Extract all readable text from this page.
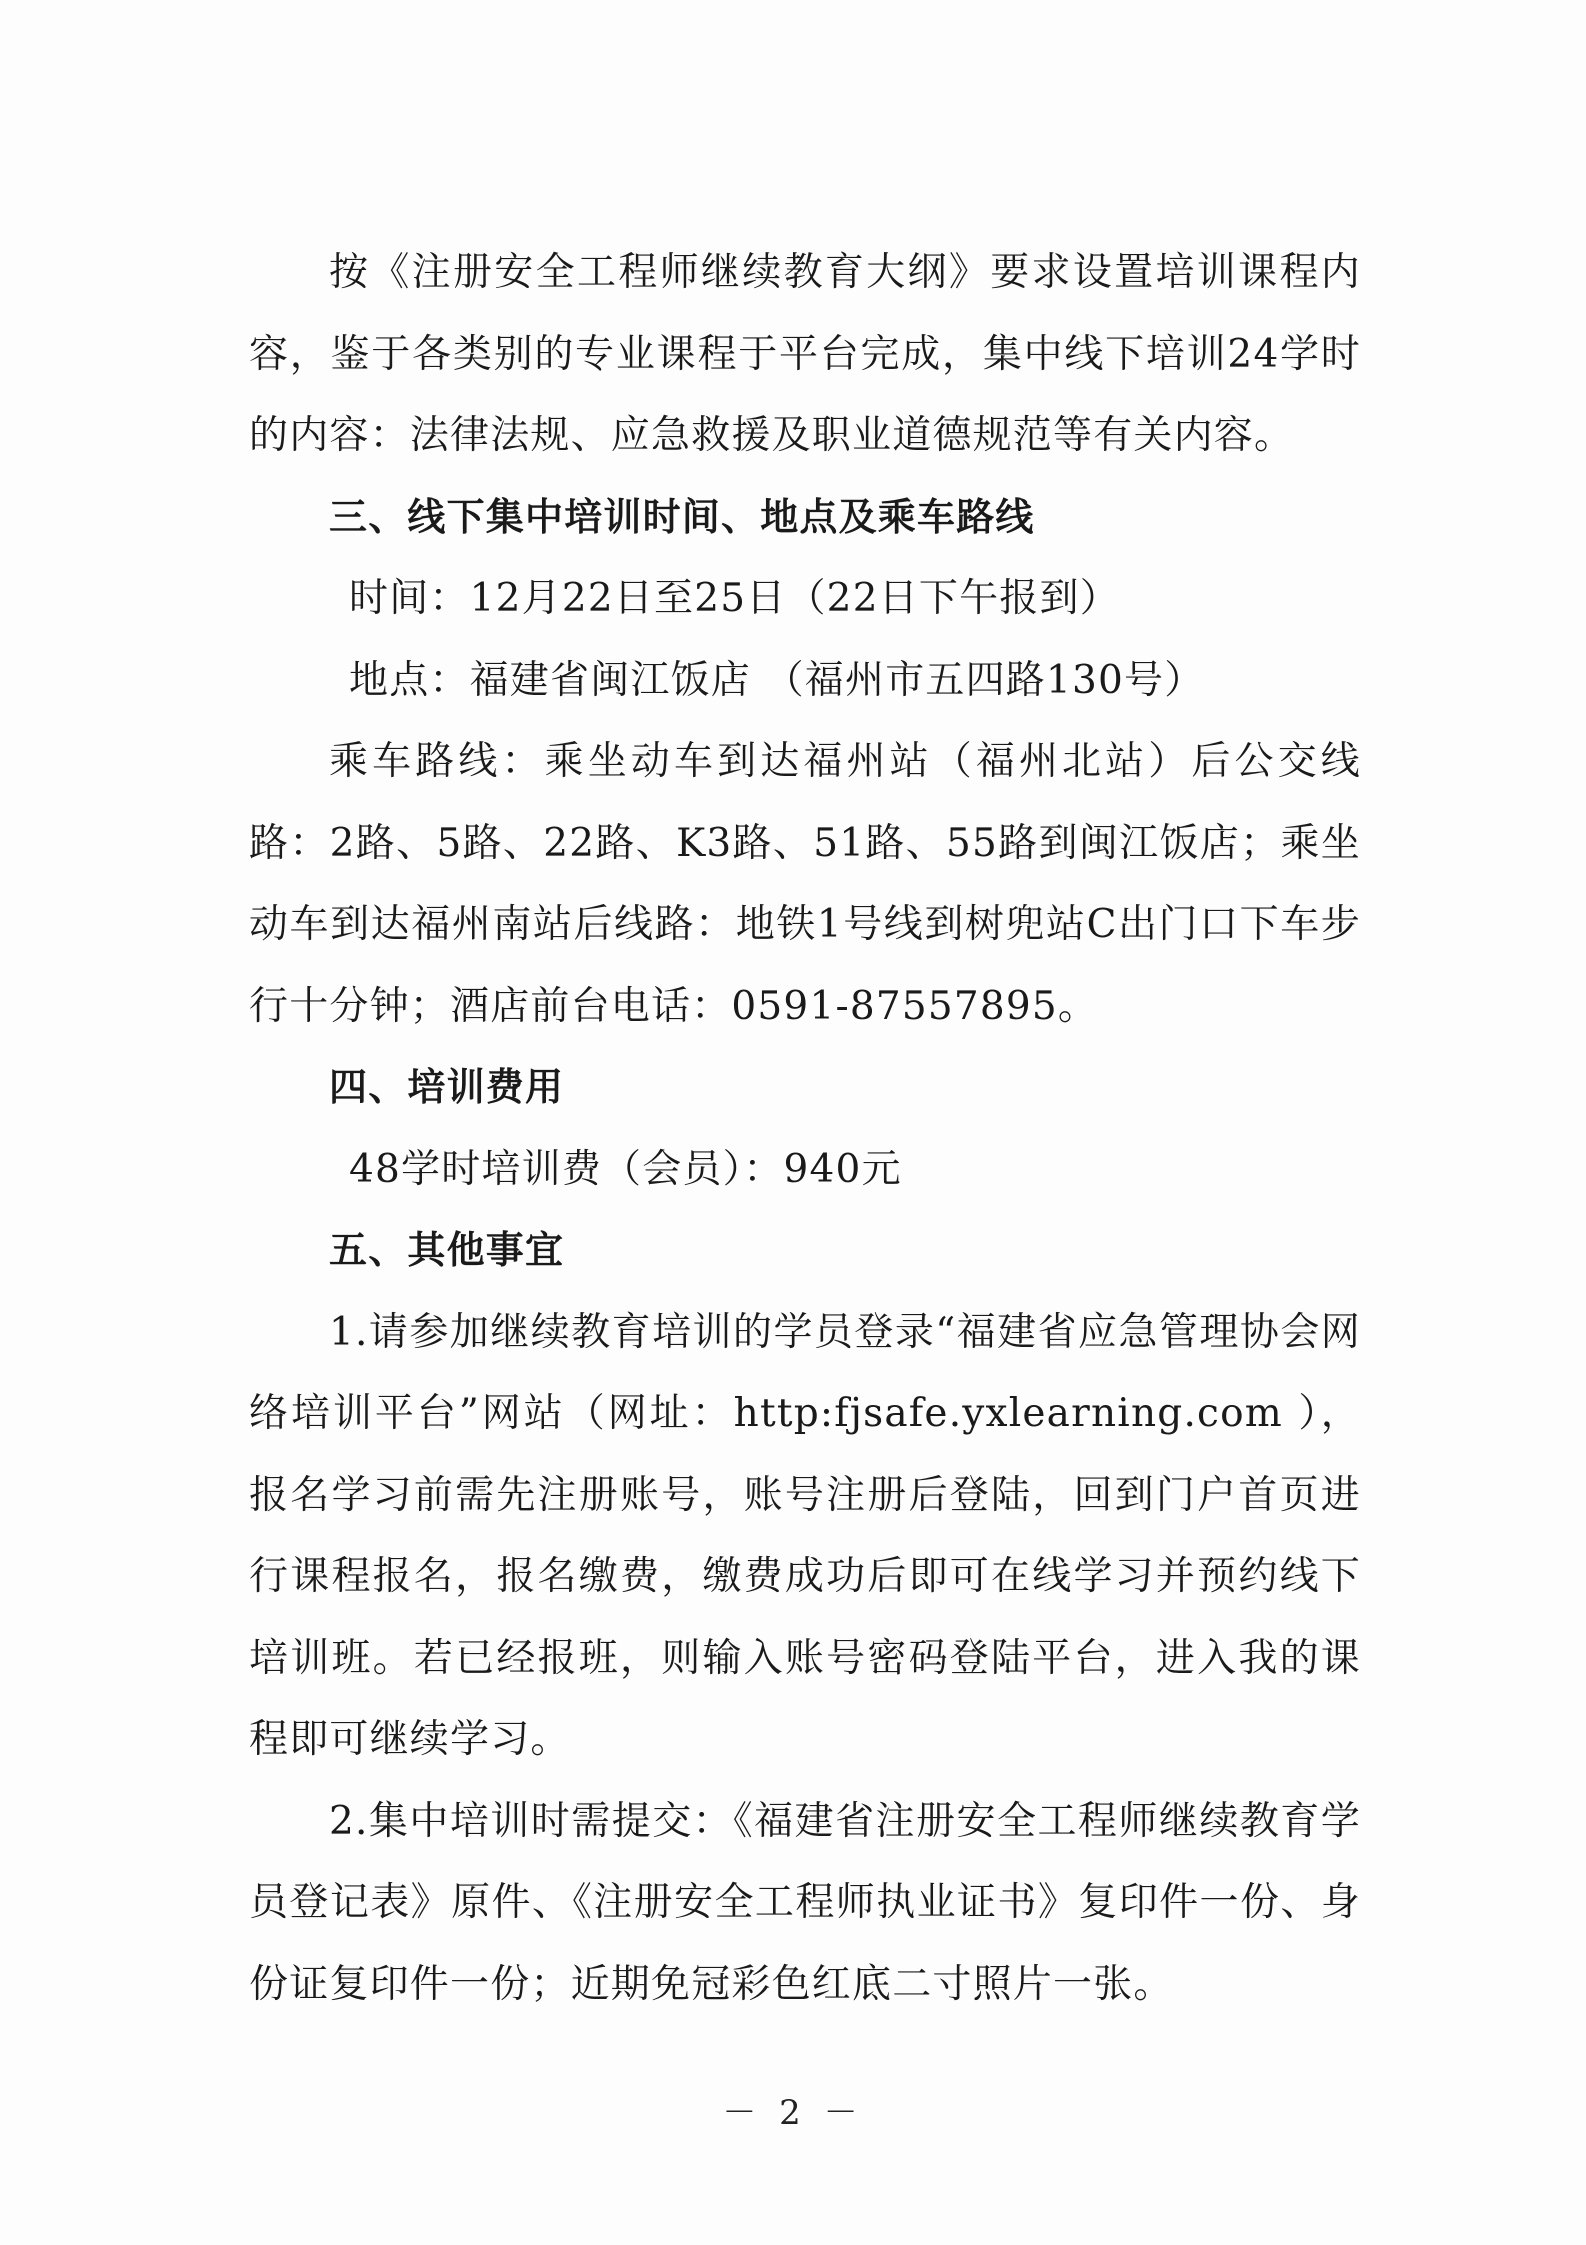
按《注册安全工程师继续教育大纲》要求设置培训课程内容，鉴于各类别的专业课程于平台完成，集中线下培训24学时的内容：法律法规、应急救援及职业道德规范等有关内容。

三、线下集中培训时间、地点及乘车路线

时间：12月22日至25日（22日下午报到）

地点：福建省闽江饭店 （福州市五四路130号）

乘车路线：乘坐动车到达福州站（福州北站）后公交线路：2路、5路、22路、K3路、51路、55路到闽江饭店；乘坐动车到达福州南站后线路：地铁1号线到树兜站C出门口下车步行十分钟；酒店前台电话：0591-87557895。

四、培训费用

48学时培训费（会员）：940元

五、其他事宜

1.请参加继续教育培训的学员登录“福建省应急管理协会网络培训平台”网站（网址：http:fjsafe.yxlearning.com ），报名学习前需先注册账号，账号注册后登陆，回到门户首页进行课程报名，报名缴费，缴费成功后即可在线学习并预约线下培训班。若已经报班，则输入账号密码登陆平台，进入我的课程即可继续学习。

2.集中培训时需提交：《福建省注册安全工程师继续教育学员登记表》原件、《注册安全工程师执业证书》复印件一份、身份证复印件一份；近期免冠彩色红底二寸照片一张。

－ 2 －
